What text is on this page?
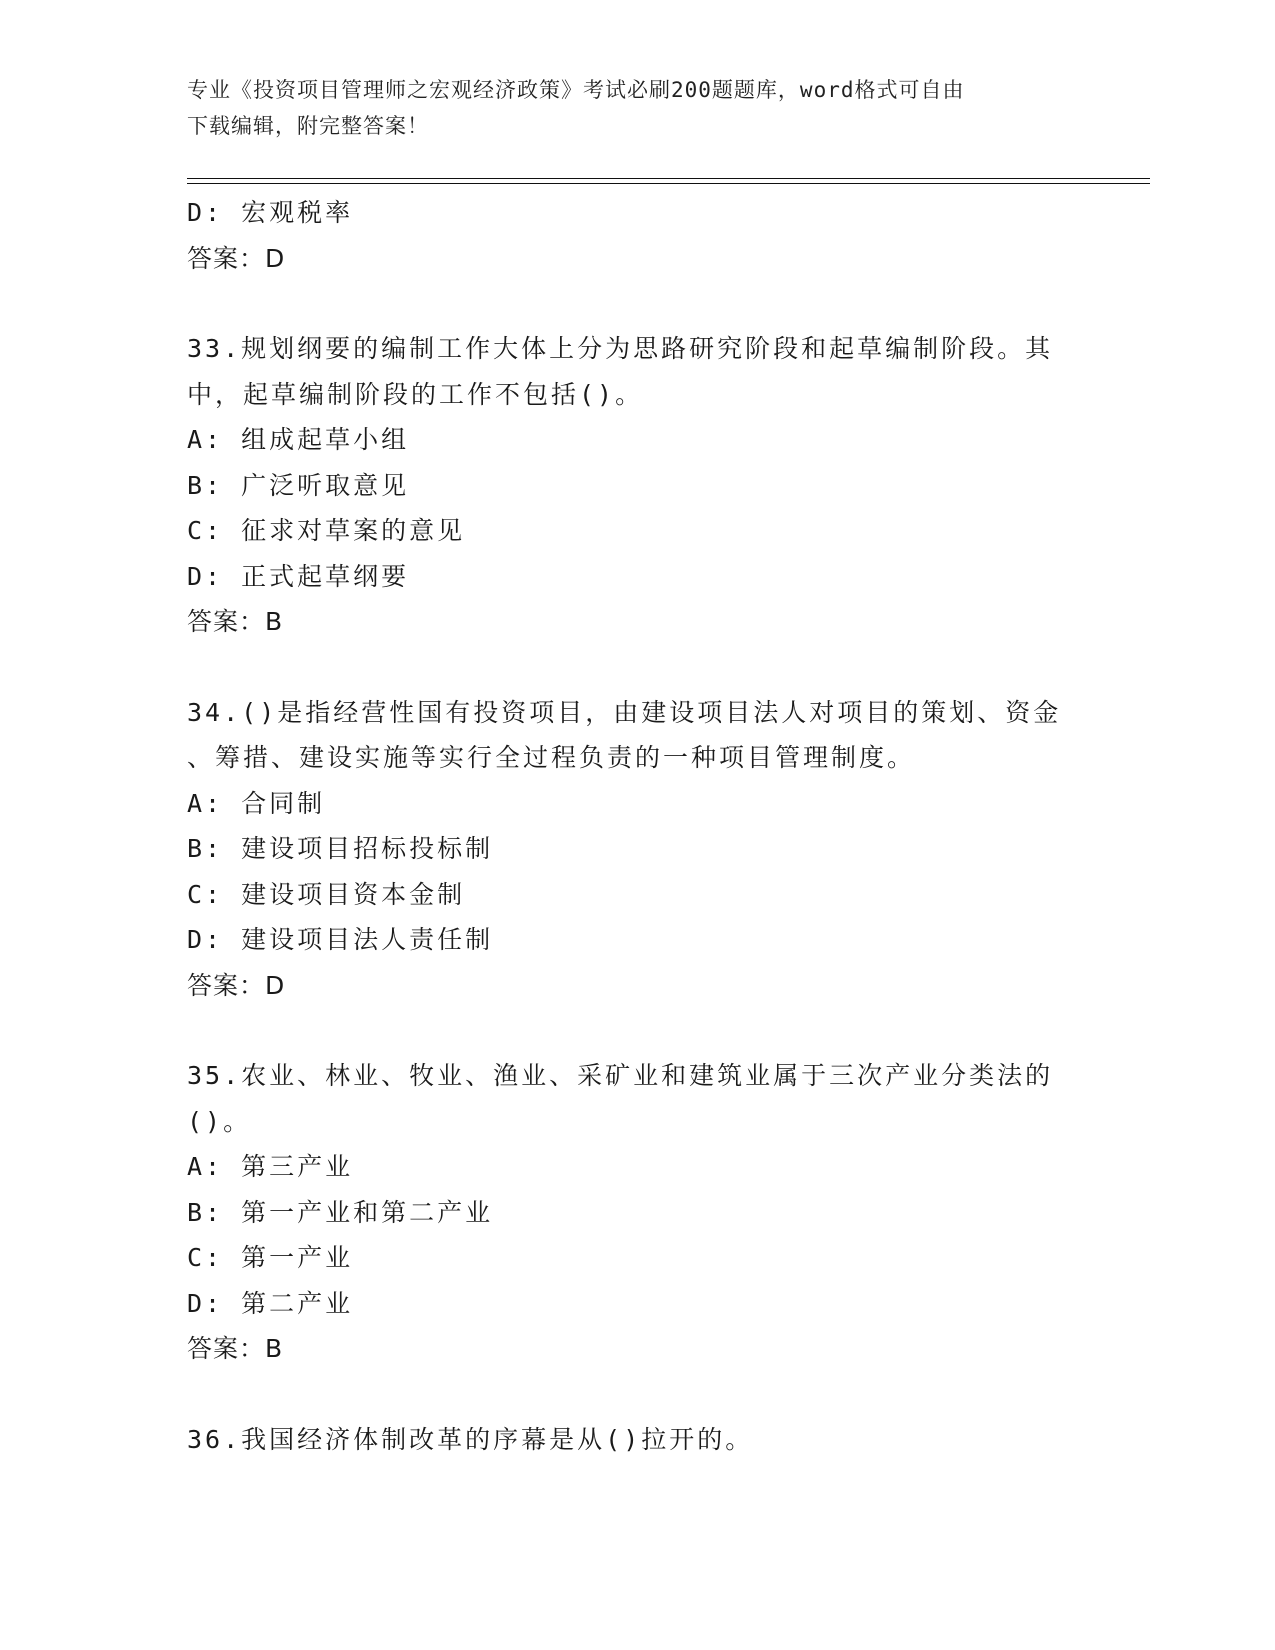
专业《投资项目管理师之宏观经济政策》考试必刷200题题库，word格式可自由
下载编辑，附完整答案！
D: 宏观税率
答案：D
33.规划纲要的编制工作大体上分为思路研究阶段和起草编制阶段。其
中，起草编制阶段的工作不包括()。
A: 组成起草小组
B: 广泛听取意见
C: 征求对草案的意见
D: 正式起草纲要
答案：B
34.()是指经营性国有投资项目，由建设项目法人对项目的策划、资金
、筹措、建设实施等实行全过程负责的一种项目管理制度。
A: 合同制
B: 建设项目招标投标制
C: 建设项目资本金制
D: 建设项目法人责任制
答案：D
35.农业、林业、牧业、渔业、采矿业和建筑业属于三次产业分类法的
()。
A: 第三产业
B: 第一产业和第二产业
C: 第一产业
D: 第二产业
答案：B
36.我国经济体制改革的序幕是从()拉开的。
